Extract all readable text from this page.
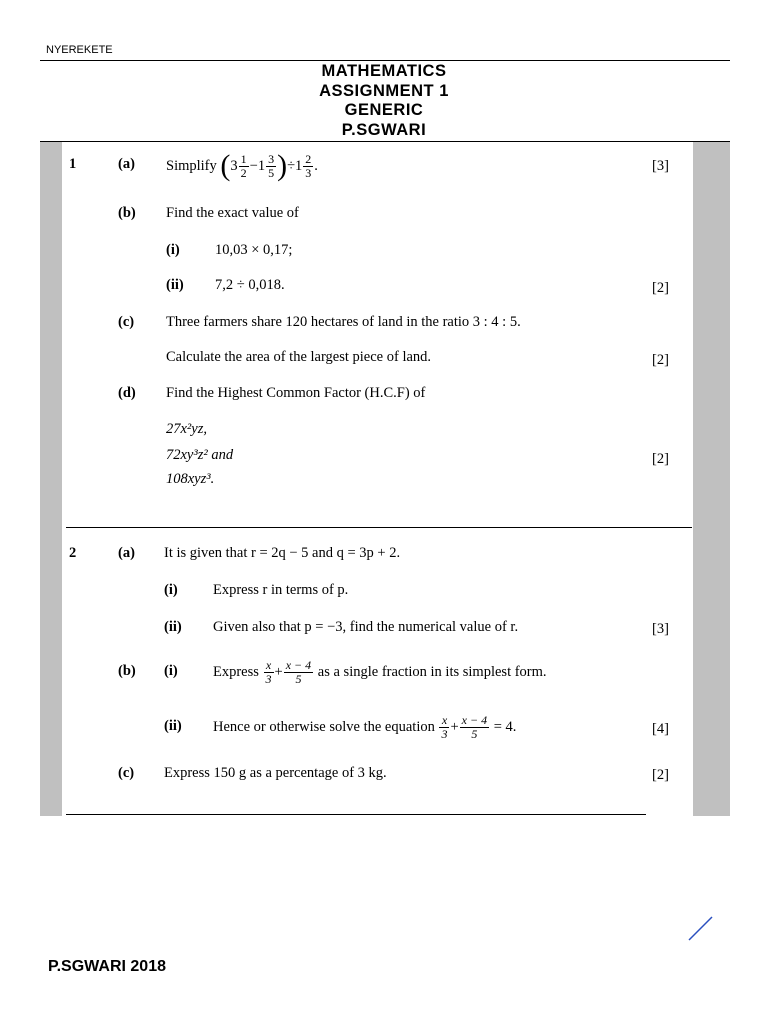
NYEREKETE
MATHEMATICS
ASSIGNMENT 1
GENERIC
P.SGWARI
1	(a) Simplify
( $3 \frac{1}{2} - 1 \frac{3}{5}$ ) ÷ $1 \frac{2}{3}$ .	[3]
(b) Find the exact value of
(i) 10,03 × 0,17;
(ii) 7,2 ÷ 0,018.	[2]
(c) Three farmers share 120 hectares of land in the ratio 3 : 4 : 5.
Calculate the area of the largest piece of land.	[2]
(d) Find the Highest Common Factor (H.C.F) of
27x²yz,
72xy³z² and
108xyz³.
[2]
2	(a) It is given that r = 2q − 5 and q = 3p + 2.
(i) Express r in terms of p.
(ii) Given also that p = −3, find the numerical value of r.	[3]
(b) (i) Express
$\frac{x}{3} + \frac{x - 4}{5}$
as a single fraction in its simplest form.
(ii) Hence or otherwise solve the equation
$\frac{x}{3} + \frac{x - 4}{5}$
= 4.	[4]
(c) Express 150 g as a percentage of 3 kg.	[2]
P.SGWARI 2018
